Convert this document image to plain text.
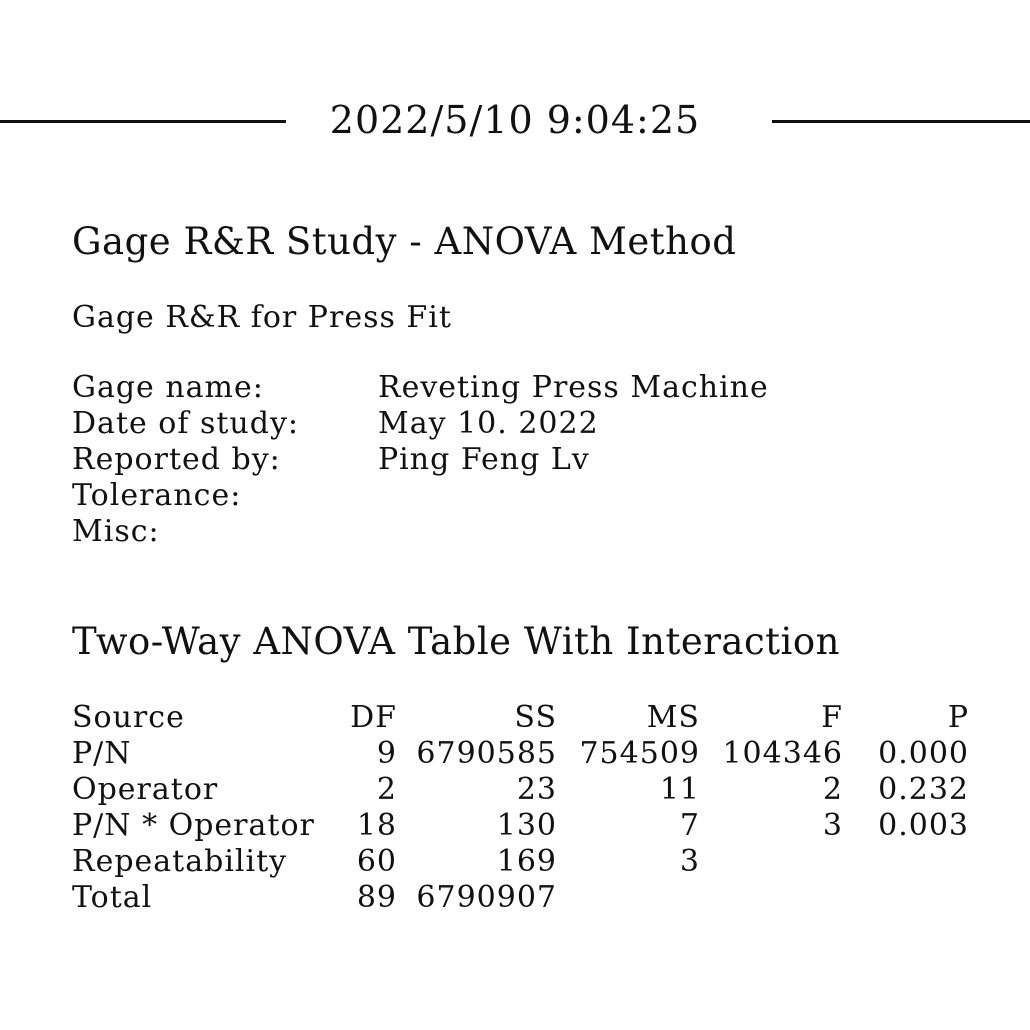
2022/5/10 9:04:25
Gage R&R Study - ANOVA Method
Gage R&R for Press Fit
Gage name:	Reveting Press Machine
Date of study:	May 10. 2022
Reported by:	Ping Feng Lv
Tolerance:
Misc:
Two-Way ANOVA Table With Interaction
Source	DF	SS	MS	F	P
P/N	9	6790585	754509	104346	0.000
Operator	2	23	11	2	0.232
P/N * Operator	18	130	7	3	0.003
Repeatability	60	169	3		
Total	89	6790907			
